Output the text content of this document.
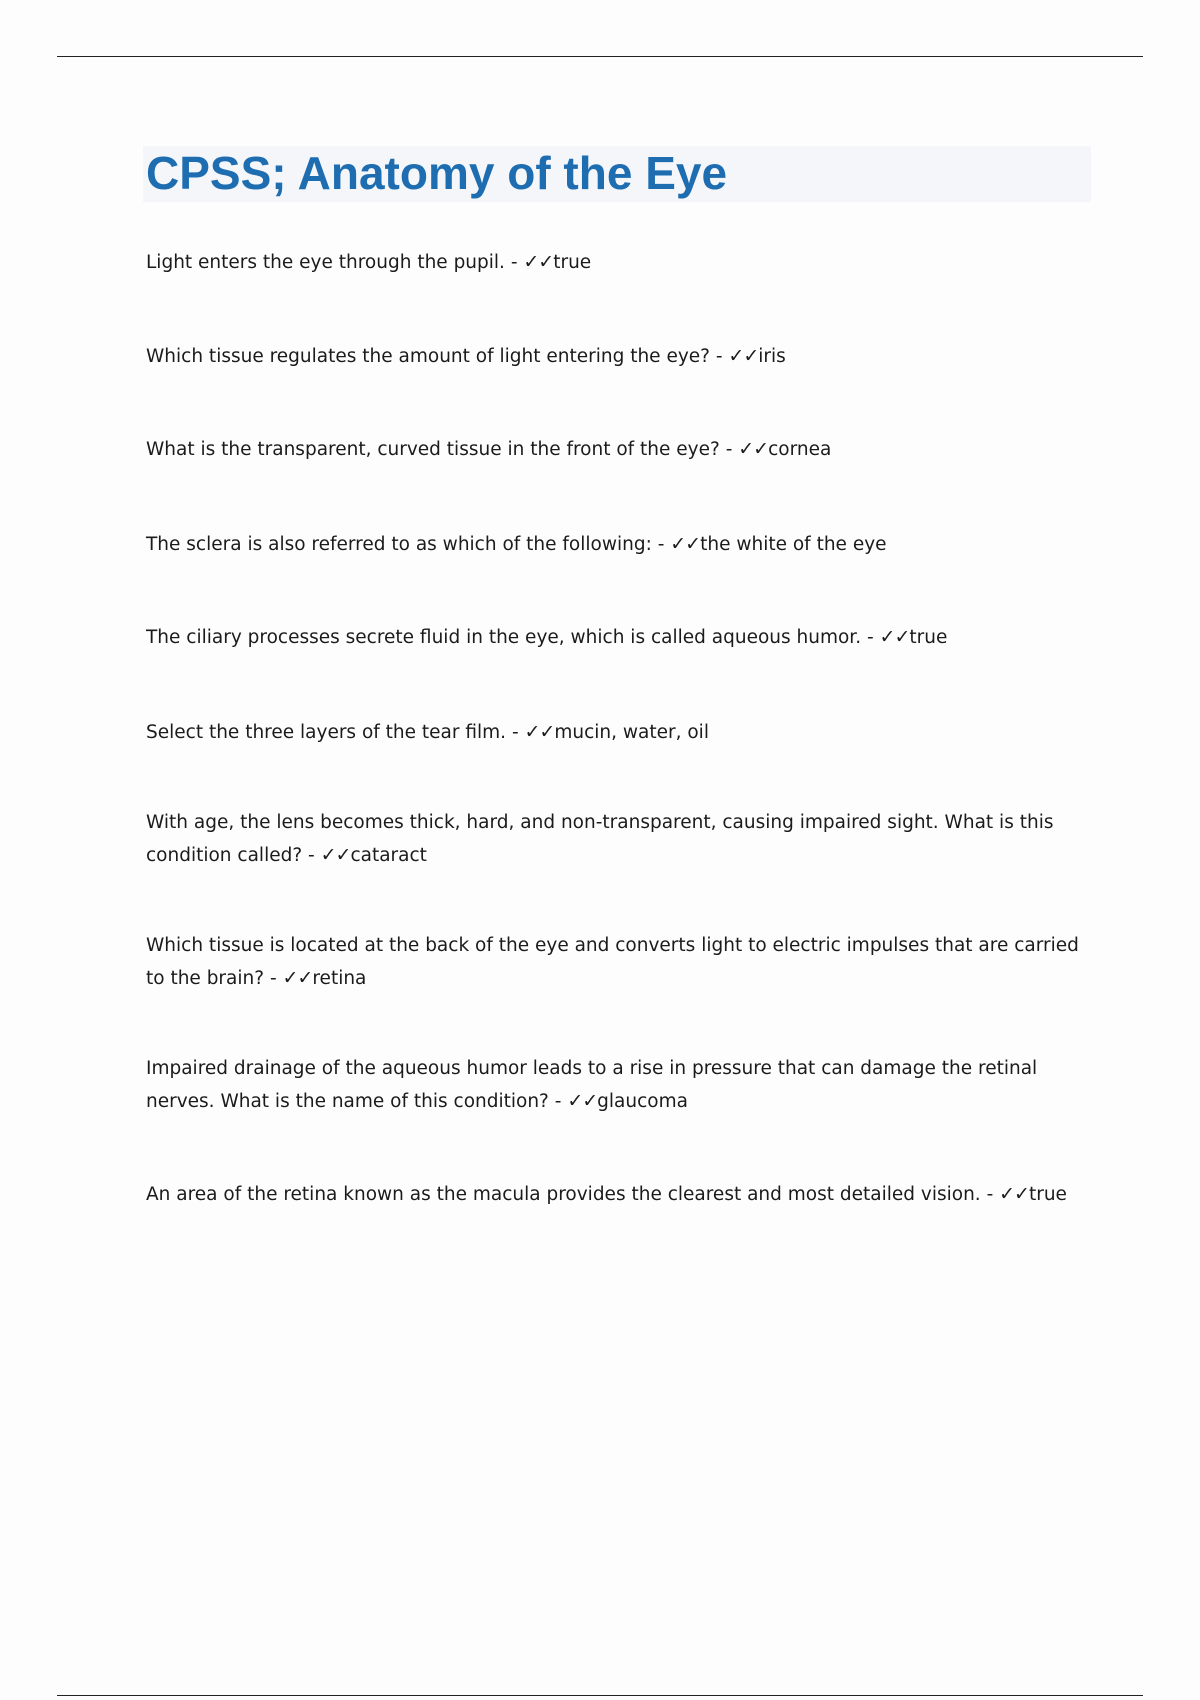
CPSS; Anatomy of the Eye
Light enters the eye through the pupil. - ✓✓true
Which tissue regulates the amount of light entering the eye? - ✓✓iris
What is the transparent, curved tissue in the front of the eye? - ✓✓cornea
The sclera is also referred to as which of the following: - ✓✓the white of the eye
The ciliary processes secrete fluid in the eye, which is called aqueous humor. - ✓✓true
Select the three layers of the tear film. - ✓✓mucin, water, oil
With age, the lens becomes thick, hard, and non-transparent, causing impaired sight. What is this condition called? - ✓✓cataract
Which tissue is located at the back of the eye and converts light to electric impulses that are carried to the brain? - ✓✓retina
Impaired drainage of the aqueous humor leads to a rise in pressure that can damage the retinal nerves. What is the name of this condition? - ✓✓glaucoma
An area of the retina known as the macula provides the clearest and most detailed vision. - ✓✓true
